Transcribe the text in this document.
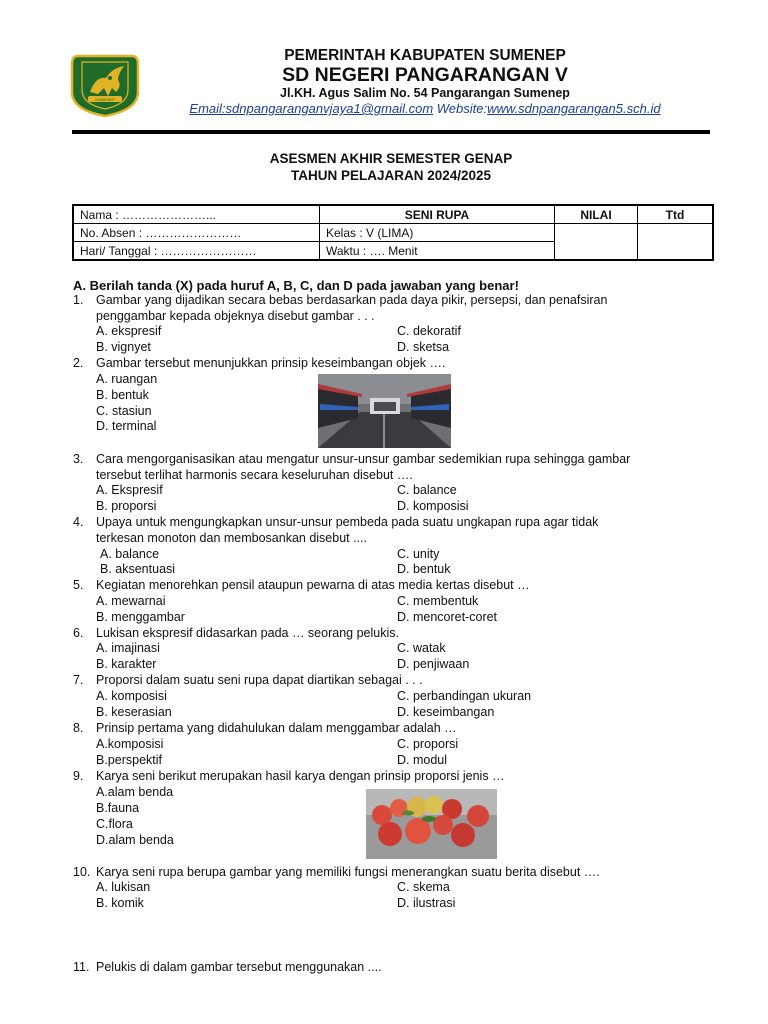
SUMENEP
PEMERINTAH KABUPATEN SUMENEP
SD NEGERI PANGARANGAN V
Jl.KH. Agus Salim No. 54 Pangarangan Sumenep
Email:sdnpangaranganvjaya1@gmail.com Website:www.sdnpangarangan5.sch.id
ASESMEN AKHIR SEMESTER GENAP
TAHUN PELAJARAN 2024/2025
Nama : …………………...	SENI RUPA	NILAI	Ttd
No. Absen : ……………………	Kelas : V (LIMA)		
Hari/ Tanggal : ……………………	Waktu : …. Menit		
A. Berilah tanda (X) pada huruf A, B, C, dan D pada jawaban yang benar!
1. Gambar yang dijadikan secara bebas berdasarkan pada daya pikir, persepsi, dan penafsiran
penggambar kepada objeknya disebut gambar . . .
A. ekspresif	C. dekoratif
B. vignyet	D. sketsa
2. Gambar tersebut menunjukkan prinsip keseimbangan objek ….
A. ruangan
B. bentuk
C. stasiun
D. terminal
3. Cara mengorganisasikan atau mengatur unsur-unsur gambar sedemikian rupa sehingga gambar
tersebut terlihat harmonis secara keseluruhan disebut ….
A. Ekspresif	C. balance
B. proporsi	D. komposisi
4. Upaya untuk mengungkapkan unsur-unsur pembeda pada suatu ungkapan rupa agar tidak
terkesan monoton dan membosankan disebut ....
A. balance	C. unity
B. aksentuasi	D. bentuk
5. Kegiatan menorehkan pensil ataupun pewarna di atas media kertas disebut …
A. mewarnai	C. membentuk
B. menggambar	D. mencoret-coret
6. Lukisan ekspresif didasarkan pada … seorang pelukis.
A. imajinasi	C. watak
B. karakter	D. penjiwaan
7. Proporsi dalam suatu seni rupa dapat diartikan sebagai . . .
A. komposisi	C. perbandingan ukuran
B. keserasian	D. keseimbangan
8. Prinsip pertama yang didahulukan dalam menggambar adalah …
A.komposisi	C. proporsi
B.perspektif	D. modul
9. Karya seni berikut merupakan hasil karya dengan prinsip proporsi jenis …
A.alam benda
B.fauna
C.flora
D.alam benda
10. Karya seni rupa berupa gambar yang memiliki fungsi menerangkan suatu berita disebut ….
A. lukisan	C. skema
B. komik	D. ilustrasi
11. Pelukis di dalam gambar tersebut menggunakan ....
